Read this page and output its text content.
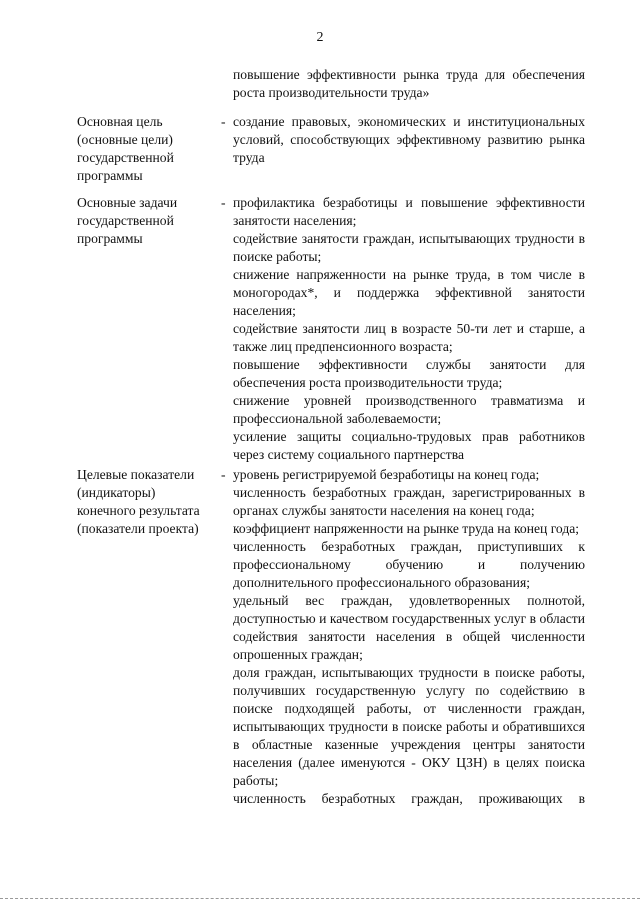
2

повышение эффективности рынка труда для обеспечения роста производительности труда»

Основная цель (основные цели) государственной программы
- создание правовых, экономических и институциональных условий, способствующих эффективному развитию рынка труда

Основные задачи государственной программы
- профилактика безработицы и повышение эффективности занятости населения;

содействие занятости граждан, испытывающих трудности в поиске работы;

снижение напряженности на рынке труда, в том числе в моногородах*, и поддержка эффективной занятости населения;

содействие занятости лиц в возрасте 50-ти лет и старше, а также лиц предпенсионного возраста;

повышение эффективности службы занятости для обеспечения роста производительности труда;

снижение уровней производственного травматизма и профессиональной заболеваемости;

усиление защиты социально-трудовых прав работников через систему социального партнерства

Целевые показатели (индикаторы) конечного результата (показатели проекта)
- уровень регистрируемой безработицы на конец года;

численность безработных граждан, зарегистрированных в органах службы занятости населения на конец года;

коэффициент напряженности на рынке труда на конец года;

численность безработных граждан, приступивших к профессиональному обучению и получению дополнительного профессионального образования;

удельный вес граждан, удовлетворенных полнотой, доступностью и качеством государственных услуг в области содействия занятости населения в общей численности опрошенных граждан;

доля граждан, испытывающих трудности в поиске работы, получивших государственную услугу по содействию в поиске подходящей работы, от численности граждан, испытывающих трудности в поиске работы и обратившихся в областные казенные учреждения центры занятости населения (далее именуются - ОКУ ЦЗН) в целях поиска работы;

численность безработных граждан, проживающих в
